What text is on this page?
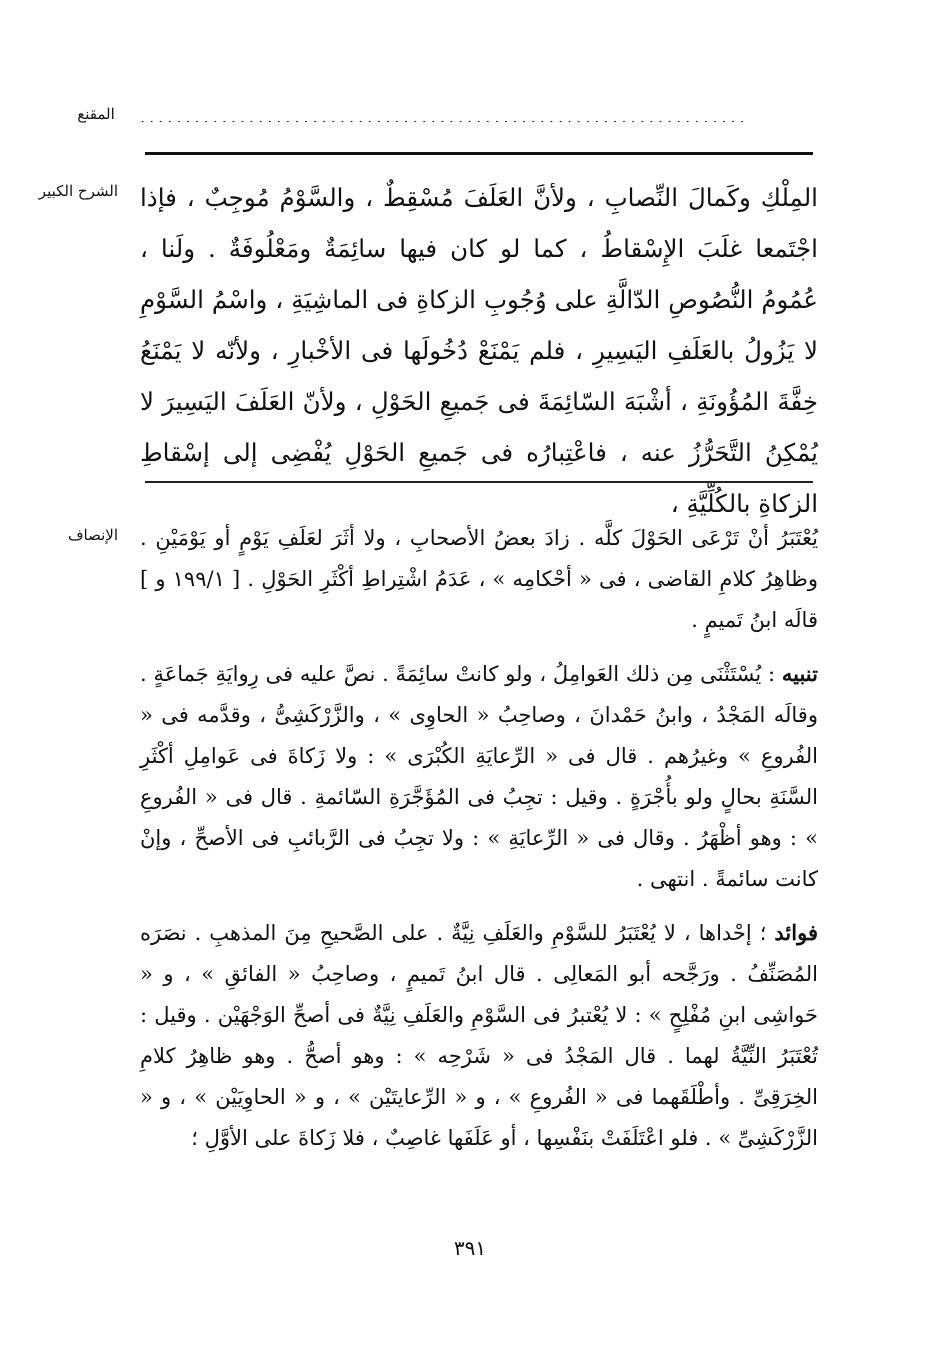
المقنع	...................................................................
الشرح الكبير المِلْكِ وكَمالَ النِّصابِ ، ولأنَّ العَلَفَ مُسْقِطٌ ، والسَّوْمُ مُوجِبٌ ، فإذا اجْتَمعا غلَبَ الإِسْقاطُ ، كما لو كان فيها سائِمَةٌ ومَعْلُوفَةٌ . ولَنا ، عُمُومُ النُّصُوصِ الدّالَّةِ على وُجُوبِ الزكاةِ فى الماشِيَةِ ، واسْمُ السَّوْمِ لا يَزُولُ بالعَلَفِ اليَسِيرِ ، فلم يَمْنَعْ دُخُولَها فى الأخْبارِ ، ولأنّه لا يَمْنَعُ خِفَّةَ المُؤُونَةِ ، أشْبَهَ السّائِمَةَ فى جَميعِ الحَوْلِ ، ولأنّ العَلَفَ اليَسِيرَ لا يُمْكِنُ التَّحَرُّزُ عنه ، فاعْتِبارُه فى جَميعِ الحَوْلِ يُفْضِى إلى إسْقاطِ الزكاةِ بالكُلِّيَّةِ ،
الإنصاف يُعْتَبَرُ أنْ تَرْعَى الحَوْلَ كلَّه . زادَ بعضُ الأصحابِ ، ولا أثَرَ لعَلَفِ يَوْمٍ أو يَوْمَيْنِ . وظاهِرُ كلامِ القاضى ، فى « أحْكامِه » ، عَدَمُ اشْتِراطِ أكْثَرِ الحَوْلِ . [ ١٩٩/١ و ] قالَه ابنُ تَميمٍ .

تنبيه : يُسْتَثْنَى مِن ذلك العَوامِلُ ، ولو كانتْ سائِمَةً . نصَّ عليه فى رِوايَةِ جَماعَةٍ . وقالَه المَجْدُ ، وابنُ حَمْدانَ ، وصاحِبُ « الحاوِى » ، والزَّرْكَشِىُّ ، وقدَّمه فى « الفُروعِ » وغيرُهم . قال فى « الرِّعايَةِ الكُبْرَى » : ولا زَكاةَ فى عَوامِلِ أكْثَرِ السَّنَةِ بحالٍ ولو بأُجْرَةٍ . وقيل : تجِبُ فى المُؤَجَّرَةِ السّائمةِ . قال فى « الفُروعِ » : وهو أظْهَرُ . وقال فى « الرِّعايَةِ » : ولا تجِبُ فى الرَّبائبِ فى الأصحِّ ، وإنْ كانت سائمةً . انتهى .

فوائد ؛ إحْداها ، لا يُعْتَبَرُ للسَّوْمِ والعَلَفِ نِيَّةٌ . على الصَّحيحِ مِنَ المذهبِ . نصَرَه المُصَنِّفُ . ورَجَّحه أبو المَعالِى . قال ابنُ تَميمٍ ، وصاحِبُ « الفائقِ » ، و « حَواشِى ابنِ مُفْلِحٍ » : لا يُعْتبرُ فى السَّوْمِ والعَلَفِ نِيَّةٌ فى أصحِّ الوَجْهَيْن . وقيل : تُعْتَبَرُ النِّيَّةُ لهما . قال المَجْدُ فى « شَرْحِه » : وهو أصحُّ . وهو ظاهِرُ كلامِ الخِرَقِىِّ . وأطْلَقَهما فى « الفُروعِ » ، و « الرِّعايتَيْن » ، و « الحاوِيَيْن » ، و « الزَّرْكَشِىِّ » . فلو اعْتَلَفَتْ بنَفْسِها ، أو عَلَفَها غاصِبٌ ، فلا زَكاةَ على الأوَّلِ ؛

٣٩١
